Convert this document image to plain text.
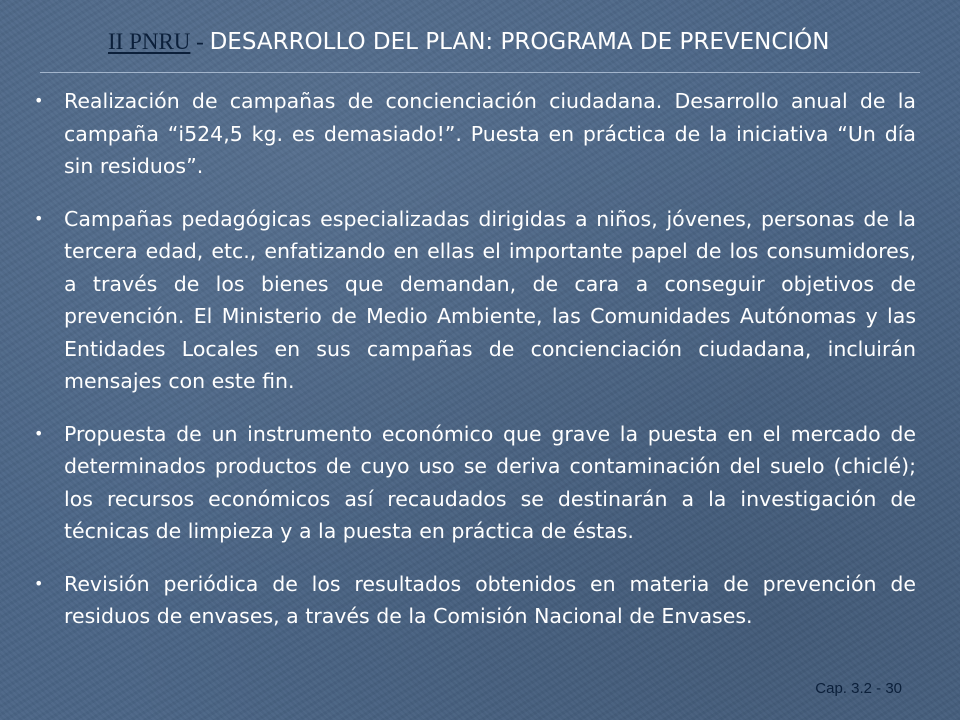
II PNRU - DESARROLLO DEL PLAN: PROGRAMA DE PREVENCIÓN
• Realización de campañas de concienciación ciudadana. Desarrollo anual de la campaña “i524,5 kg. es demasiado!”. Puesta en práctica de la iniciativa “Un día sin residuos”.
• Campañas pedagógicas especializadas dirigidas a niños, jóvenes, personas de la tercera edad, etc., enfatizando en ellas el importante papel de los consumidores, a través de los bienes que demandan, de cara a conseguir objetivos de prevención. El Ministerio de Medio Ambiente, las Comunidades Autónomas y las Entidades Locales en sus campañas de concienciación ciudadana, incluirán mensajes con este fin.
• Propuesta de un instrumento económico que grave la puesta en el mercado de determinados productos de cuyo uso se deriva contaminación del suelo (chiclé); los recursos económicos así recaudados se destinarán a la investigación de técnicas de limpieza y a la puesta en práctica de éstas.
• Revisión periódica de los resultados obtenidos en materia de prevención de residuos de envases, a través de la Comisión Nacional de Envases.
Cap. 3.2 - 30
